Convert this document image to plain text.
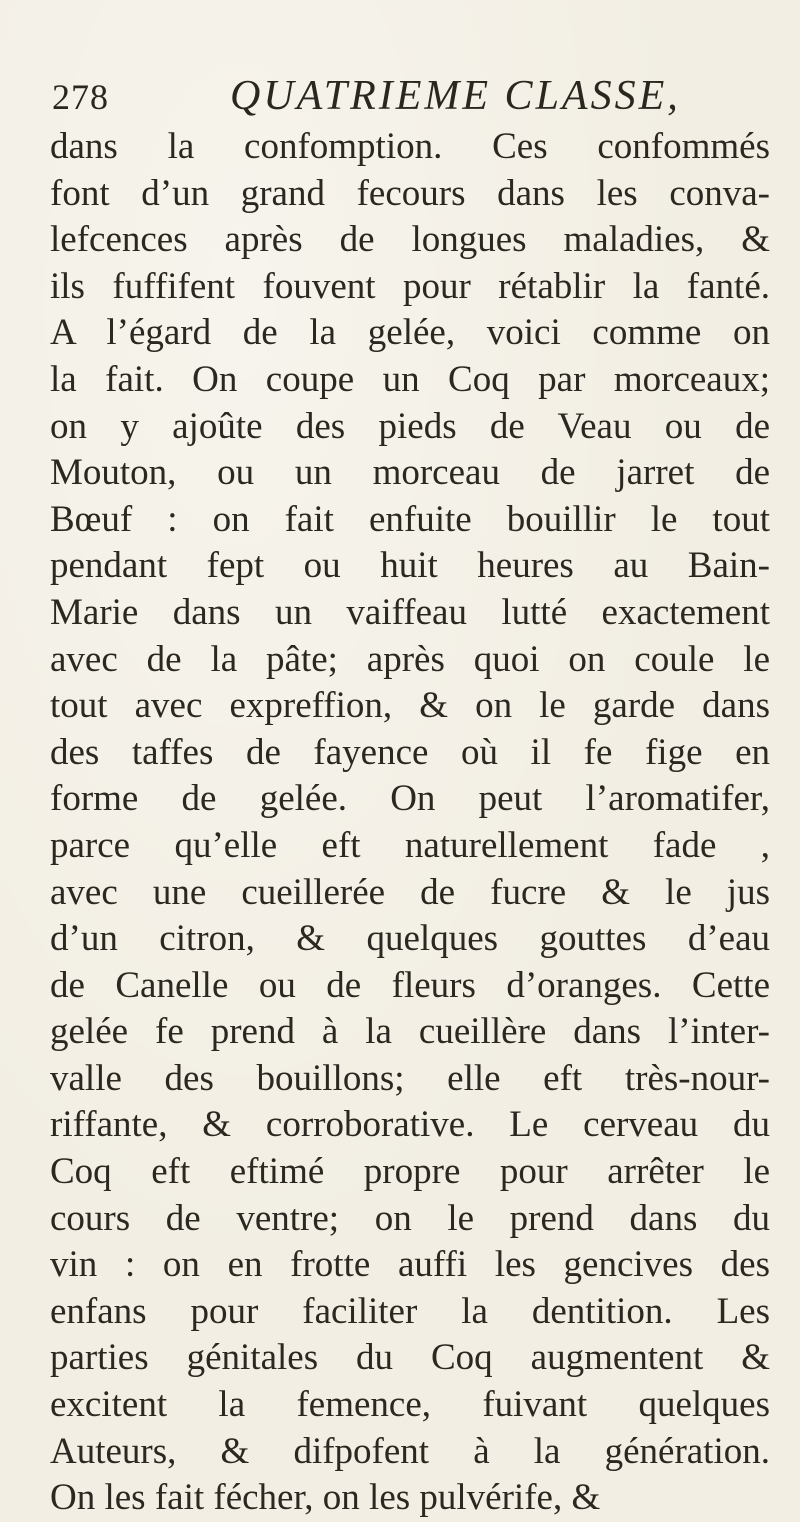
278	QUATRIEME CLASSE,
dans la confomption. Ces confommés
font d’un grand fecours dans les conva-
lefcences après de longues maladies, &
ils fuffifent fouvent pour rétablir la fanté.
A l’égard de la gelée, voici comme on
la fait. On coupe un Coq par morceaux;
on y ajoûte des pieds de Veau ou de
Mouton, ou un morceau de jarret de
Bœuf : on fait enfuite bouillir le tout
pendant fept ou huit heures au Bain-
Marie dans un vaiffeau lutté exactement
avec de la pâte; après quoi on coule le
tout avec expreffion, & on le garde dans
des taffes de fayence où il fe fige en
forme de gelée. On peut l’aromatifer,
parce qu’elle eft naturellement fade ,
avec une cueillerée de fucre & le jus
d’un citron, & quelques gouttes d’eau
de Canelle ou de fleurs d’oranges. Cette
gelée fe prend à la cueillère dans l’inter-
valle des bouillons; elle eft très-nour-
riffante, & corroborative. Le cerveau du
Coq eft eftimé propre pour arrêter le
cours de ventre; on le prend dans du
vin : on en frotte auffi les gencives des
enfans pour faciliter la dentition. Les
parties génitales du Coq augmentent &
excitent la femence, fuivant quelques
Auteurs, & difpofent à la génération.
On les fait fécher, on les pulvérife, &
